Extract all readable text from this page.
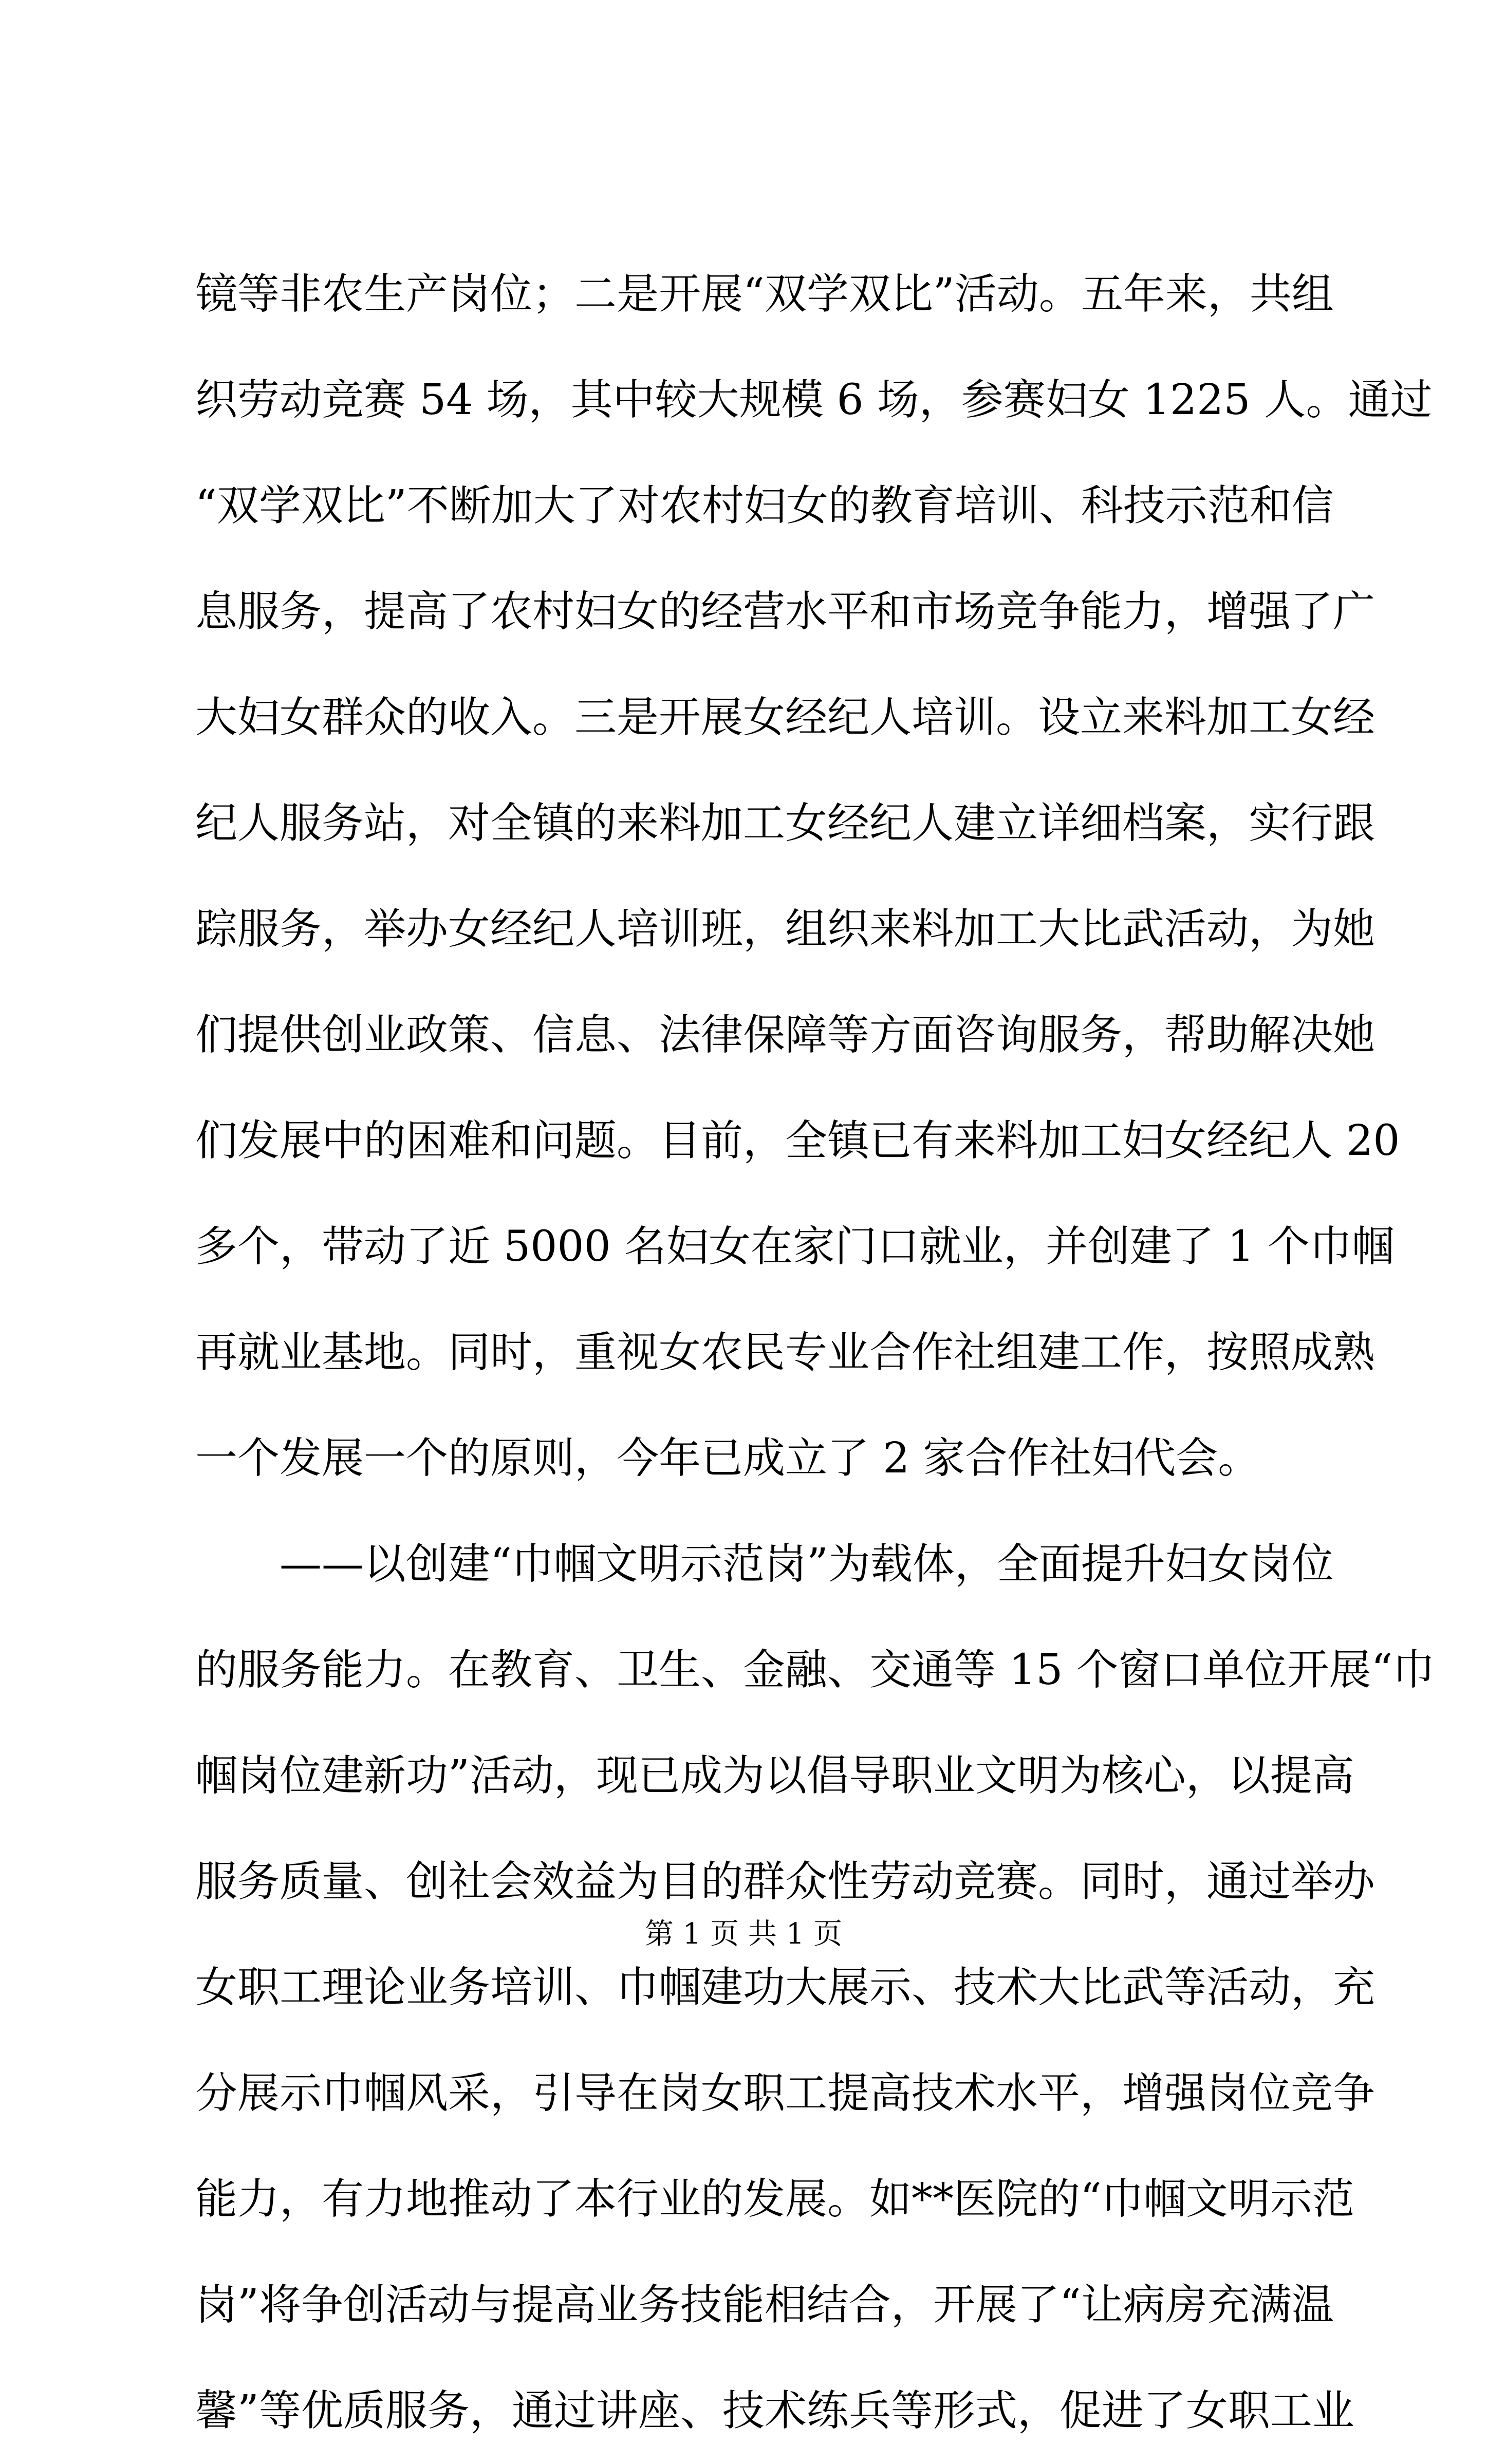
镜等非农生产岗位；二是开展“双学双比”活动。五年来，共组
织劳动竞赛 54 场，其中较大规模 6 场，参赛妇女 1225 人。通过
“双学双比”不断加大了对农村妇女的教育培训、科技示范和信
息服务，提高了农村妇女的经营水平和市场竞争能力，增强了广
大妇女群众的收入。三是开展女经纪人培训。设立来料加工女经
纪人服务站，对全镇的来料加工女经纪人建立详细档案，实行跟
踪服务，举办女经纪人培训班，组织来料加工大比武活动，为她
们提供创业政策、信息、法律保障等方面咨询服务，帮助解决她
们发展中的困难和问题。目前，全镇已有来料加工妇女经纪人 20
多个，带动了近 5000 名妇女在家门口就业，并创建了 1 个巾帼
再就业基地。同时，重视女农民专业合作社组建工作，按照成熟
一个发展一个的原则，今年已成立了 2 家合作社妇代会。
——以创建“巾帼文明示范岗”为载体，全面提升妇女岗位
的服务能力。在教育、卫生、金融、交通等 15 个窗口单位开展“巾
帼岗位建新功”活动，现已成为以倡导职业文明为核心，以提高
服务质量、创社会效益为目的群众性劳动竞赛。同时，通过举办
女职工理论业务培训、巾帼建功大展示、技术大比武等活动，充
分展示巾帼风采，引导在岗女职工提高技术水平，增强岗位竞争
能力，有力地推动了本行业的发展。如**医院的“巾帼文明示范
岗”将争创活动与提高业务技能相结合，开展了“让病房充满温
馨”等优质服务，通过讲座、技术练兵等形式，促进了女职工业
第 1 页 共 1 页
